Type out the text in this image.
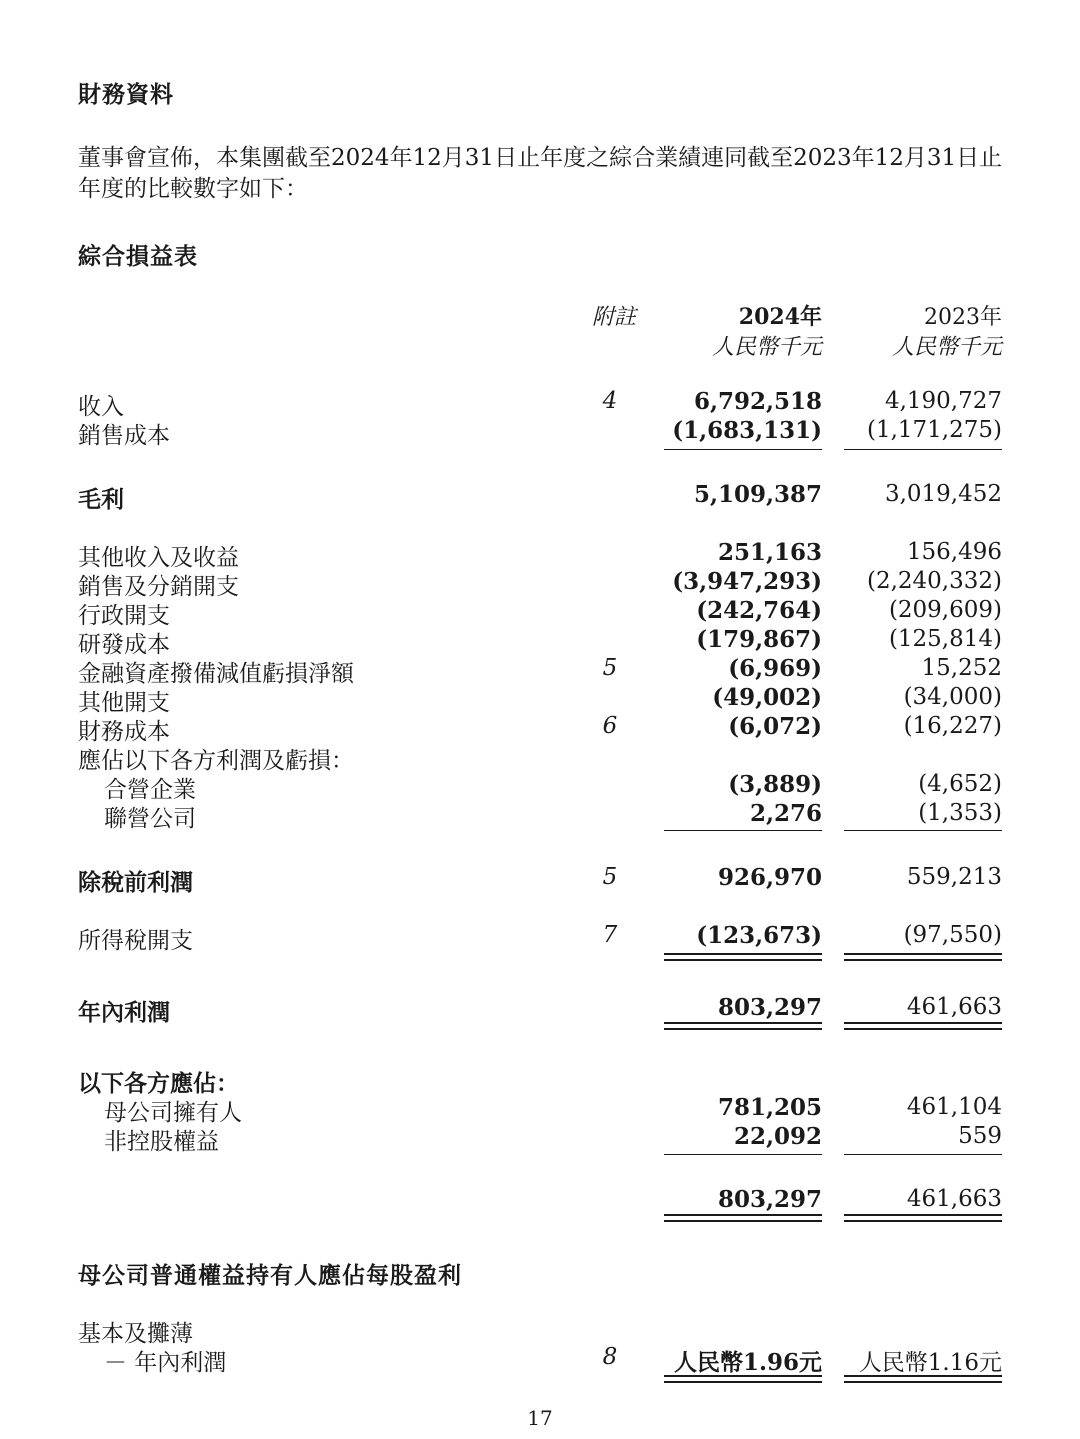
財務資料
董事會宣佈，本集團截至2024年12月31日止年度之綜合業績連同截至2023年12月31日止年度的比較數字如下：
綜合損益表
附註	2024年	2023年
人民幣千元	人民幣千元
收入	4	6,792,518	4,190,727
銷售成本	(1,683,131) (1,171,275)
毛利	5,109,387	3,019,452
其他收入及收益	251,163	156,496
銷售及分銷開支	(3,947,293) (2,240,332)
行政開支	(242,764)	(209,609)
研發成本	(179,867)	(125,814)
金融資產撥備減值虧損淨額	5	(6,969)	15,252
其他開支	(49,002)	(34,000)
財務成本	6	(6,072)	(16,227)
應佔以下各方利潤及虧損：
合營企業	(3,889)	(4,652)
聯營公司	2,276	(1,353)
除稅前利潤	5	926,970	559,213
所得稅開支	7	(123,673)	(97,550)
年內利潤	803,297	461,663
以下各方應佔：
母公司擁有人	781,205	461,104
非控股權益	22,092	559
803,297	461,663
母公司普通權益持有人應佔每股盈利
基本及攤薄
－ 年內利潤	8	人民幣1.96元 人民幣1.16元
17
